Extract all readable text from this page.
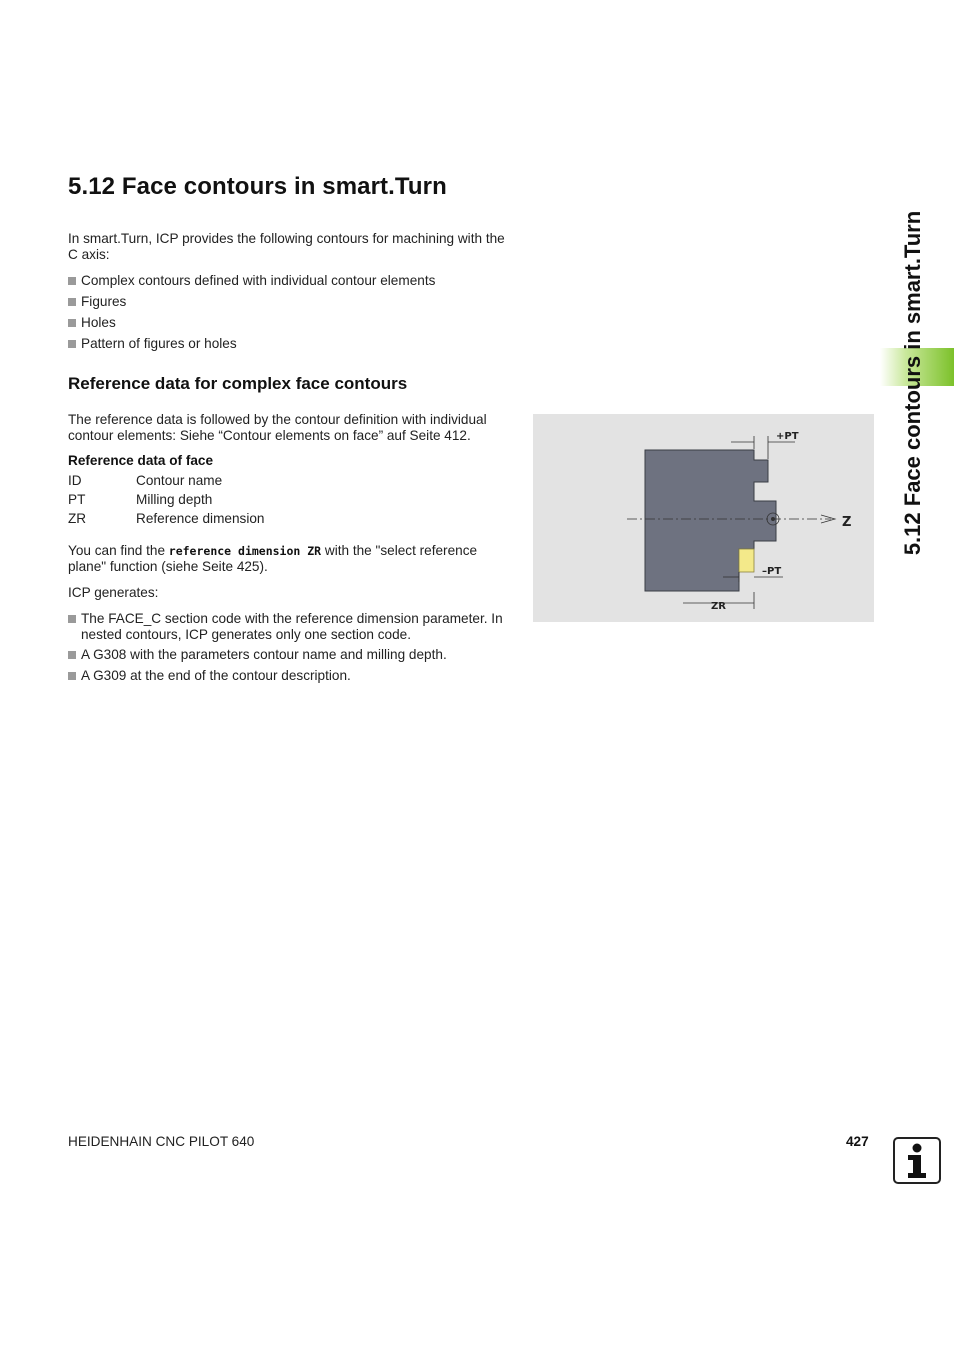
5.12 Face contours in smart.Turn
In smart.Turn, ICP provides the following contours for machining with the C axis:
Complex contours defined with individual contour elements
Figures
Holes
Pattern of figures or holes
Reference data for complex face contours
The reference data is followed by the contour definition with individual contour elements: Siehe “Contour elements on face” auf Seite 412.
Reference data of face
ID	Contour name
PT	Milling depth
ZR	Reference dimension
You can find the reference dimension ZR with the "select reference plane" function (siehe Seite 425).
ICP generates:
The FACE_C section code with the reference dimension parameter. In nested contours, ICP generates only one section code.
A G308 with the parameters contour name and milling depth.
A G309 at the end of the contour description.
+PT
–PT
ZR
Z 5.12 Face contours in smart.Turn
HEIDENHAIN CNC PILOT 640	427
